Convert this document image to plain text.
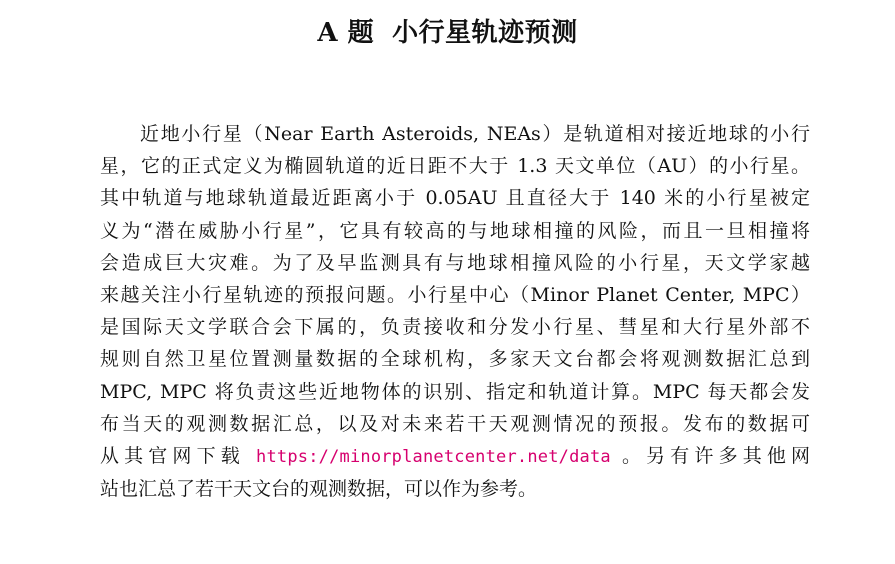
A 题 小行星轨迹预测
近地小行星（Near Earth Asteroids, NEAs）是轨道相对接近地球的小行
星，它的正式定义为椭圆轨道的近日距不大于 1.3 天文单位（AU）的小行星。
其中轨道与地球轨道最近距离小于 0.05AU 且直径大于 140 米的小行星被定
义为“潜在威胁小行星”，它具有较高的与地球相撞的风险，而且一旦相撞将
会造成巨大灾难。为了及早监测具有与地球相撞风险的小行星，天文学家越
来越关注小行星轨迹的预报问题。小行星中心（Minor Planet Center, MPC）
是国际天文学联合会下属的，负责接收和分发小行星、彗星和大行星外部不
规则自然卫星位置测量数据的全球机构，多家天文台都会将观测数据汇总到
MPC, MPC 将负责这些近地物体的识别、指定和轨道计算。MPC 每天都会发
布当天的观测数据汇总，以及对未来若干天观测情况的预报。发布的数据可
从其官网下载 https://minorplanetcenter.net/data 。另有许多其他网
站也汇总了若干天文台的观测数据，可以作为参考。
